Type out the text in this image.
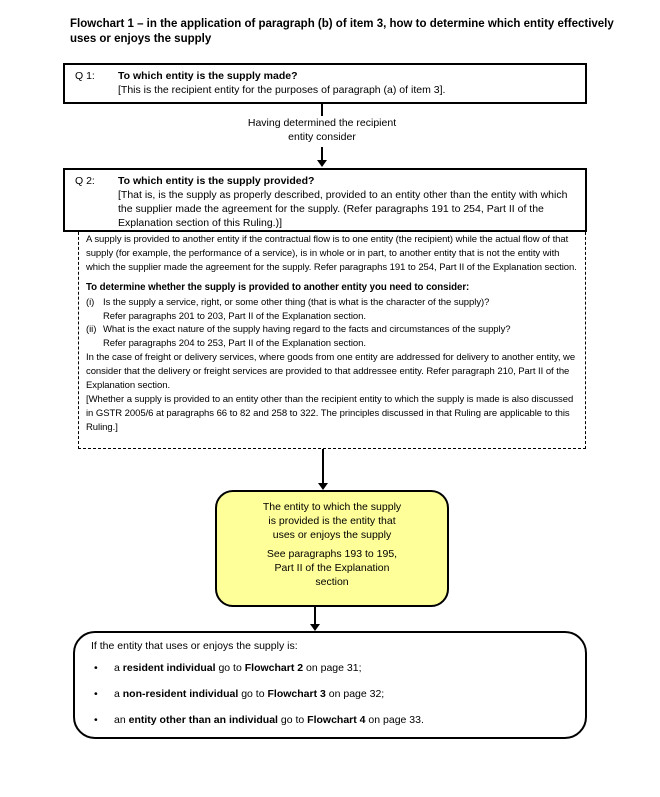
Flowchart 1 – in the application of paragraph (b) of item 3, how to determine which entity effectively uses or enjoys the supply
Q 1:	To which entity is the supply made?
[This is the recipient entity for the purposes of paragraph (a) of item 3].
Having determined the recipient
entity consider
Q 2:	To which entity is the supply provided?
[That is, is the supply as properly described, provided to an entity other than the entity with which the supplier made the agreement for the supply. (Refer paragraphs 191 to 254, Part II of the Explanation section of this Ruling.)]

A supply is provided to another entity if the contractual flow is to one entity (the recipient) while the actual flow of that supply (for example, the performance of a service), is in whole or in part, to another entity that is not the entity with which the supplier made the agreement for the supply. Refer paragraphs 191 to 254, Part II of the Explanation section.

To determine whether the supply is provided to another entity you need to consider:

(i) Is the supply a service, right, or some other thing (that is what is the character of the supply)?
Refer paragraphs 201 to 203, Part II of the Explanation section.
(ii) What is the exact nature of the supply having regard to the facts and circumstances of the supply?
Refer paragraphs 204 to 253, Part II of the Explanation section.

In the case of freight or delivery services, where goods from one entity are addressed for delivery to another entity, we consider that the delivery or freight services are provided to that addressee entity. Refer paragraph 210, Part II of the Explanation section.

[Whether a supply is provided to an entity other than the recipient entity to which the supply is made is also discussed in GSTR 2005/6 at paragraphs 66 to 82 and 258 to 322. The principles discussed in that Ruling are applicable to this Ruling.]

The entity to which the supply
is provided is the entity that
uses or enjoys the supply
See paragraphs 193 to 195,
Part II of the Explanation
section
If the entity that uses or enjoys the supply is:
•	a resident individual go to Flowchart 2 on page 31;
•	a non-resident individual go to Flowchart 3 on page 32;
•	an entity other than an individual go to Flowchart 4 on page 33.
